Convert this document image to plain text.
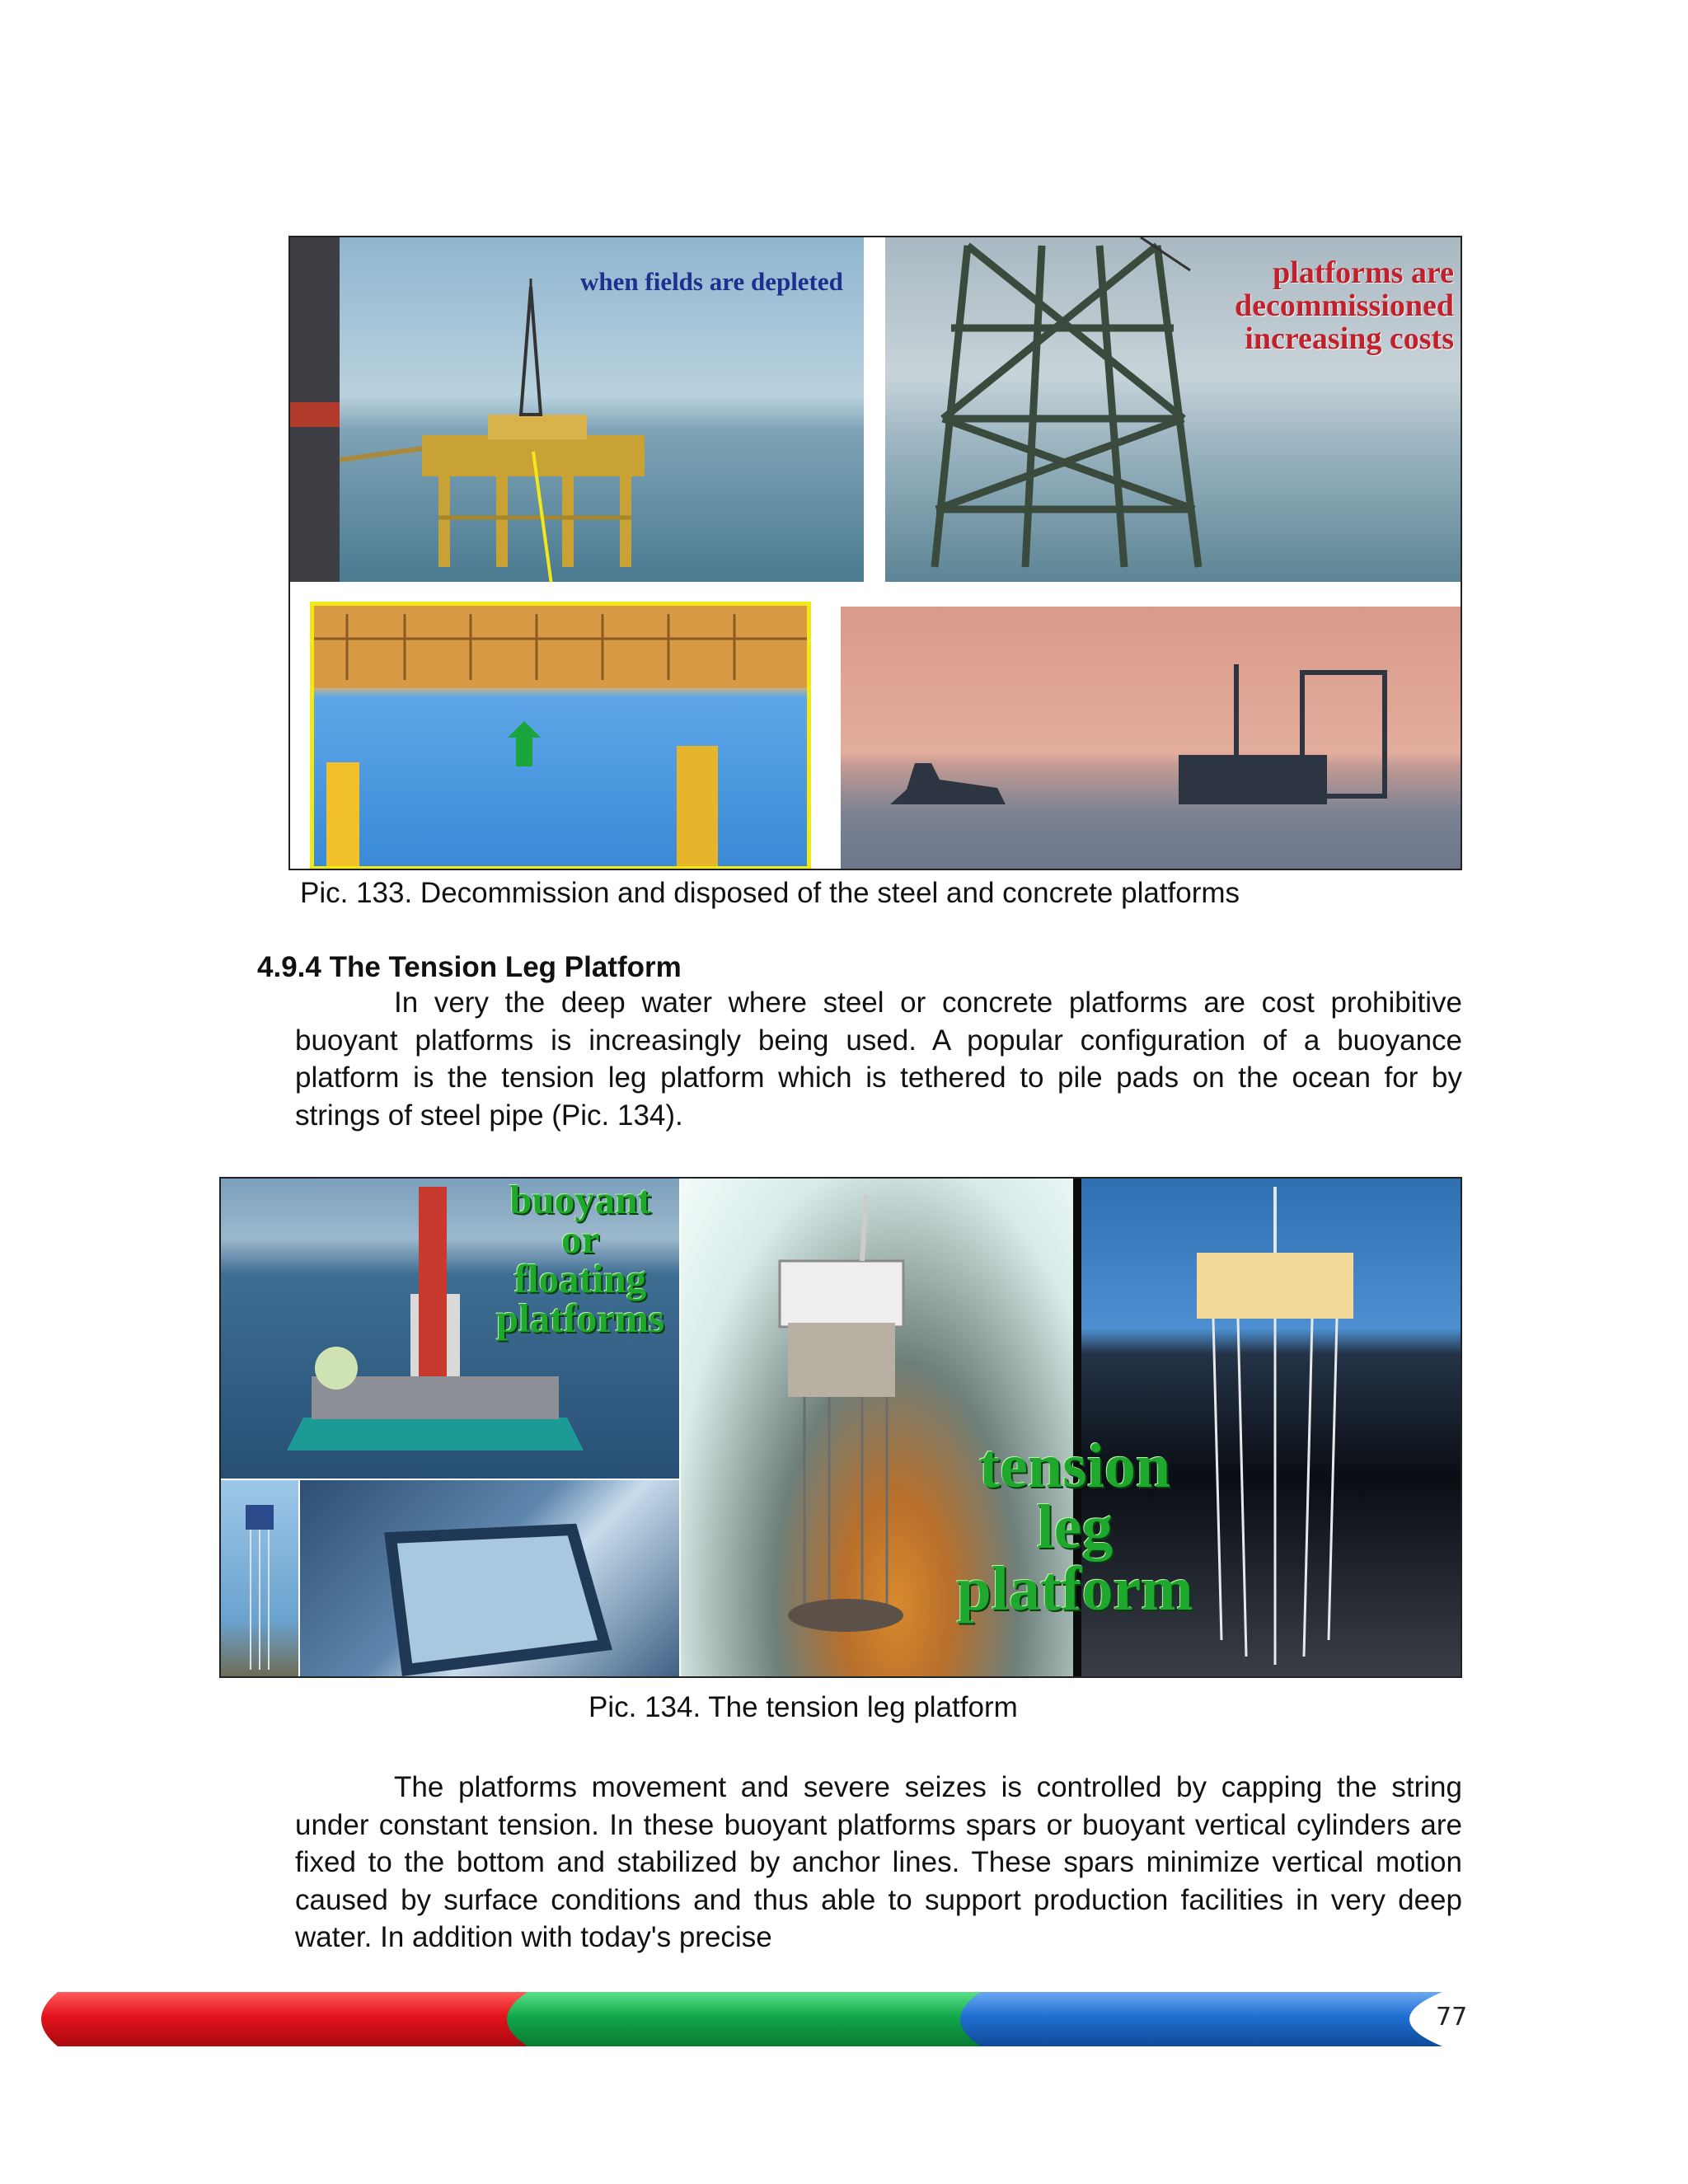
when fields are depleted	platforms are
decommissioned
increasing costs
Pic. 133. Decommission and disposed of the steel and concrete platforms
4.9.4 The Tension Leg Platform
In very the deep water where steel or concrete platforms are cost prohibitive buoyant platforms is increasingly being used. A popular configuration of a buoyance platform is the tension leg platform which is tethered to pile pads on the ocean for by strings of steel pipe (Pic. 134).
buoyant
or
floating
platforms
tension
leg
platform
Pic. 134. The tension leg platform
The platforms movement and severe seizes is controlled by capping the string under constant tension. In these buoyant platforms spars or buoyant vertical cylinders are fixed to the bottom and stabilized by anchor lines. These spars minimize vertical motion caused by surface conditions and thus able to support production facilities in very deep water. In addition with today's precise
77
